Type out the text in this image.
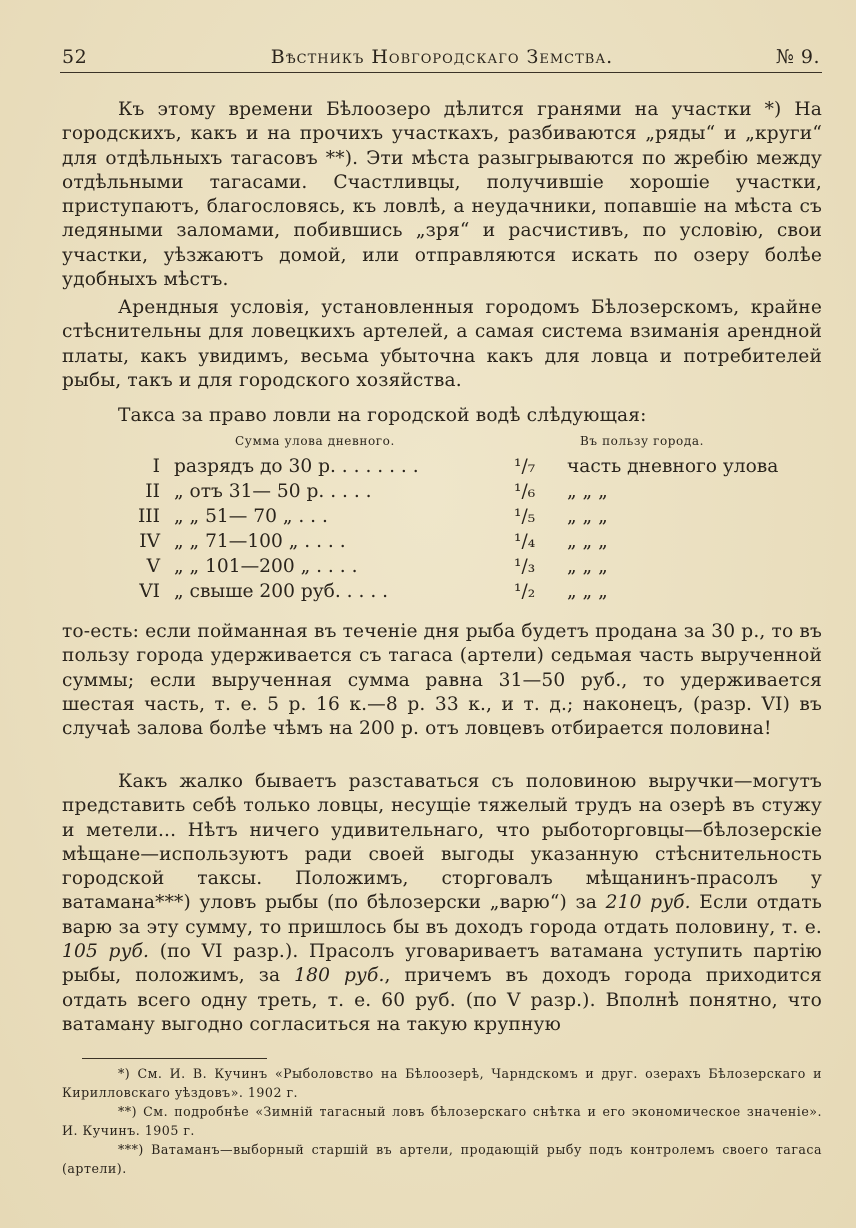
52	Вѣстникъ Новгородскаго Земства.	№ 9.

Къ этому времени Бѣлоозеро дѣлится гранями на участки *) На городскихъ, какъ и на прочихъ участкахъ, разбиваются „ряды“ и „круги“ для отдѣльныхъ тагасовъ **). Эти мѣста разыгрываются по жребію между отдѣльными тагасами. Счастливцы, получившіе хорошіе участки, приступаютъ, благословясь, къ ловлѣ, а неудачники, попавшіе на мѣста съ ледяными заломами, побившись „зря“ и расчистивъ, по условію, свои участки, уѣзжаютъ домой, или отправляются искать по озеру болѣе удобныхъ мѣстъ.

Арендныя условія, установленныя городомъ Бѣлозерскомъ, крайне стѣснительны для ловецкихъ артелей, а самая система взиманія арендной платы, какъ увидимъ, весьма убыточна какъ для ловца и потребителей рыбы, такъ и для городского хозяйства.

Такса за право ловли на городской водѣ слѣдующая:

Сумма улова дневного.	Въ пользу города.
I разрядъ до 30 р. . . . . . . .	¹/₇ часть дневного улова
II „ отъ 31— 50 р. . . . .	¹/₆ „ „ „
III „ „ 51— 70 „ . . .	¹/₅ „ „ „
IV „ „ 71—100 „ . . . .	¹/₄ „ „ „
V „ „ 101—200 „ . . . .	¹/₃ „ „ „
VI „ свыше 200 руб. . . . .	¹/₂ „ „ „

то-есть: если пойманная въ теченіе дня рыба будетъ продана за 30 р., то въ пользу города удерживается съ тагаса (артели) седьмая часть вырученной суммы; если вырученная сумма равна 31—50 руб., то удерживается шестая часть, т. е. 5 р. 16 к.—8 р. 33 к., и т. д.; наконецъ, (разр. VI) въ случаѣ залова болѣе чѣмъ на 200 р. отъ ловцевъ отбирается половина!

Какъ жалко бываетъ разставаться съ половиною выручки—могутъ представить себѣ только ловцы, несущіе тяжелый трудъ на озерѣ въ стужу и метели... Нѣтъ ничего удивительнаго, что рыботорговцы—бѣлозерскіе мѣщане—используютъ ради своей выгоды указанную стѣснительность городской таксы. Положимъ, сторговалъ мѣщанинъ-прасолъ у ватамана***) уловъ рыбы (по бѣлозерски „варю“) за 210 руб. Если отдать варю за эту сумму, то пришлось бы въ доходъ города отдать половину, т. е. 105 руб. (по VI разр.). Прасолъ уговариваетъ ватамана уступить партію рыбы, положимъ, за 180 руб., причемъ въ доходъ города приходится отдать всего одну треть, т. е. 60 руб. (по V разр.). Вполнѣ понятно, что ватаману выгодно согласиться на такую крупную

*) См. И. В. Кучинъ «Рыболовство на Бѣлоозерѣ, Чарндскомъ и друг. озерахъ Бѣлозерскаго и Кирилловскаго уѣздовъ». 1902 г.

**) См. подробнѣе «Зимній тагасный ловъ бѣлозерскаго снѣтка и его экономическое значеніе». И. Кучинъ. 1905 г.

***) Ватаманъ—выборный старшій въ артели, продающій рыбу подъ контролемъ своего тагаса (артели).
